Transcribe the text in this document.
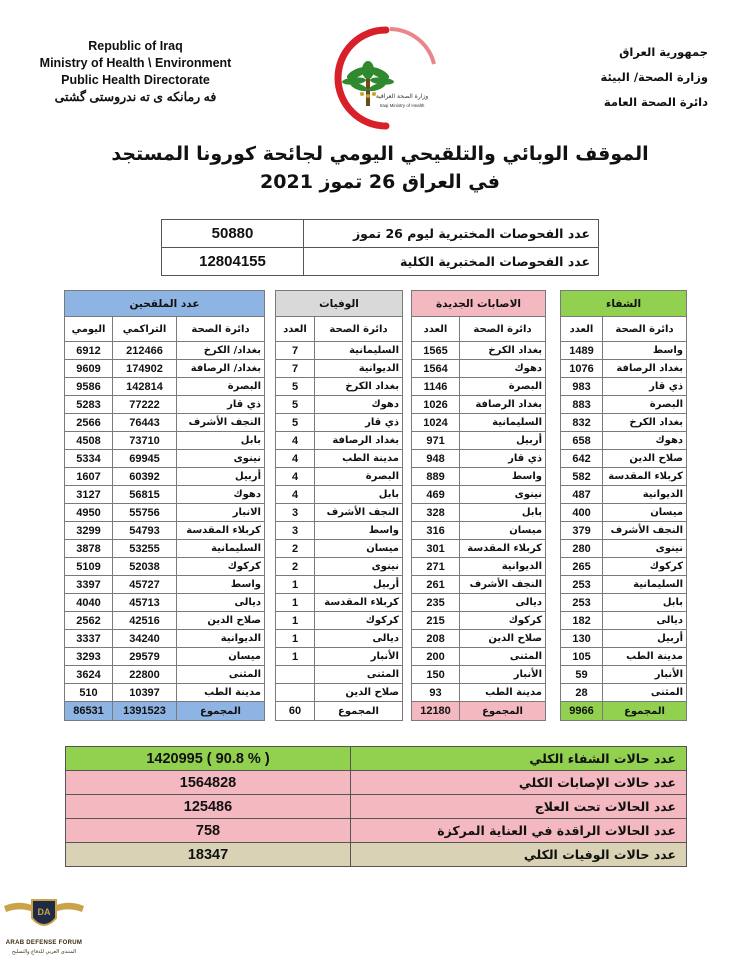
Republic of Iraq
Ministry of Health \ Environment
Public Health Directorate
فه رمانكه ى ته ندروستى گشتى	وزارة الصحة العراقية
Iraqi Ministry of Health
جمهورية العراق
وزارة الصحة/ البيئة
دائرة الصحة العامة
الموقف الوبائي والتلقيحي اليومي لجائحة كورونا المستجد
في العراق 26 تموز 2021
عدد الفحوصات المختبرية ليوم 26 تموز	50880
عدد الفحوصات المختبرية الكلية	12804155
الشفاء	
دائرة الصحة	العدد
واسط	1489
بغداد الرصافة	1076
ذي قار	983
البصرة	883
بغداد الكرخ	832
دهوك	658
صلاح الدين	642
كربلاء المقدسة	582
الديوانية	487
ميسان	400
النجف الأشرف	379
نينوى	280
كركوك	265
السليمانية	253
بابل	253
ديالى	182
أربيل	130
مدينة الطب	105
الأنبار	59
المثنى	28
المجموع	9966
الاصابات الجديدة	
دائرة الصحة	العدد
بغداد الكرخ	1565
دهوك	1564
البصرة	1146
بغداد الرصافة	1026
السليمانية	1024
أربيل	971
ذي قار	948
واسط	889
نينوى	469
بابل	328
ميسان	316
كربلاء المقدسة	301
الديوانية	271
النجف الأشرف	261
ديالى	235
كركوك	215
صلاح الدين	208
المثنى	200
الأنبار	150
مدينة الطب	93
المجموع	12180
الوفيات	
دائرة الصحة	العدد
السليمانية	7
الديوانية	7
بغداد الكرخ	5
دهوك	5
ذي قار	5
بغداد الرصافة	4
مدينة الطب	4
البصرة	4
بابل	4
النجف الأشرف	3
واسط	3
ميسان	2
نينوى	2
أربيل	1
كربلاء المقدسة	1
كركوك	1
ديالى	1
الأنبار	1
المثنى	
صلاح الدين	
المجموع	60
عدد الملقحين		
دائرة الصحة	التراكمي	اليومي
بغداد/ الكرخ	212466	6912
بغداد/ الرصافة	174902	9609
البصرة	142814	9586
ذي قار	77222	5283
النجف الأشرف	76443	2566
بابل	73710	4508
نينوى	69945	5334
أربيل	60392	1607
دهوك	56815	3127
الانبار	55756	4950
كربلاء المقدسة	54793	3299
السليمانية	53255	3878
كركوك	52038	5109
واسط	45727	3397
ديالى	45713	4040
صلاح الدين	42516	2562
الديوانية	34240	3337
ميسان	29579	3293
المثنى	22800	3624
مدينة الطب	10397	510
المجموع	1391523	86531
عدد حالات الشفاء الكلي	1420995 ( 90.8 % )
عدد حالات الإصابات الكلي	1564828
عدد الحالات تحت العلاج	125486
عدد الحالات الراقدة في العناية المركزة	758
عدد حالات الوفيات الكلي	18347
DA
ARAB DEFENSE FORUM
المنتدى العربي للدفاع والتسليح
